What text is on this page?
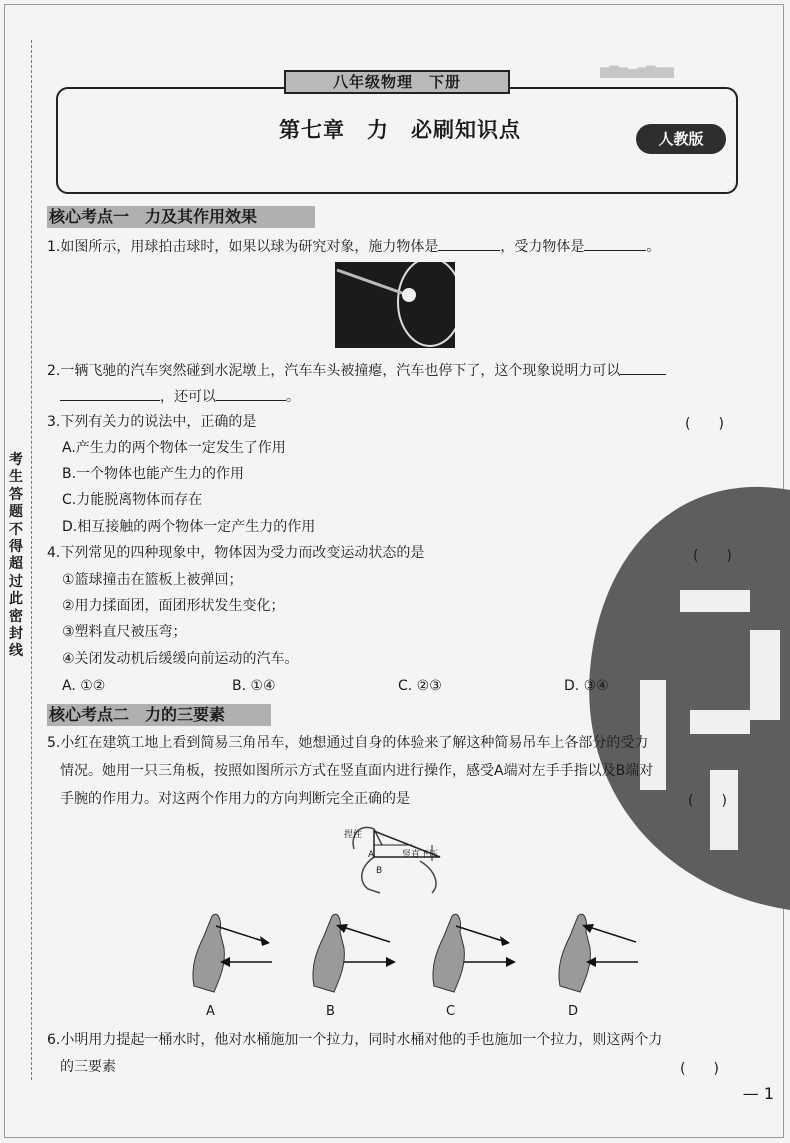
▆▇▆▅▆▇▆▆
考生答题不得超过此密封线
八年级物理　下册
第七章　力　必刷知识点	人教版
核心考点一　力及其作用效果
1.如图所示，用球拍击球时，如果以球为研究对象，施力物体是	，受力物体是	。
2.一辆飞驰的汽车突然碰到水泥墩上，汽车车头被撞瘪，汽车也停下了，这个现象说明力可以
，还可以	。
3.下列有关力的说法中，正确的是	(　　)
A.产生力的两个物体一定发生了作用
B.一个物体也能产生力的作用
C.力能脱离物体而存在
D.相互接触的两个物体一定产生力的作用
4.下列常见的四种现象中，物体因为受力而改变运动状态的是	(　　)
①篮球撞击在篮板上被弹回；
②用力揉面团，面团形状发生变化；
③塑料直尺被压弯；
④关闭发动机后缓缓向前运动的汽车。
A. ①②	B. ①④	C. ②③	D. ③④
核心考点二　力的三要素
5.小红在建筑工地上看到简易三角吊车，她想通过自身的体验来了解这种简易吊车上各部分的受力
情况。她用一只三角板，按照如图所示方式在竖直面内进行操作，感受A端对左手手指以及B端对
手腕的作用力。对这两个作用力的方向判断完全正确的是	(　　)
捏住
竖直下压
A
B
A	B	C	D
6.小明用力提起一桶水时，他对水桶施加一个拉力，同时水桶对他的手也施加一个拉力，则这两个力
的三要素	(　　)
— 1
